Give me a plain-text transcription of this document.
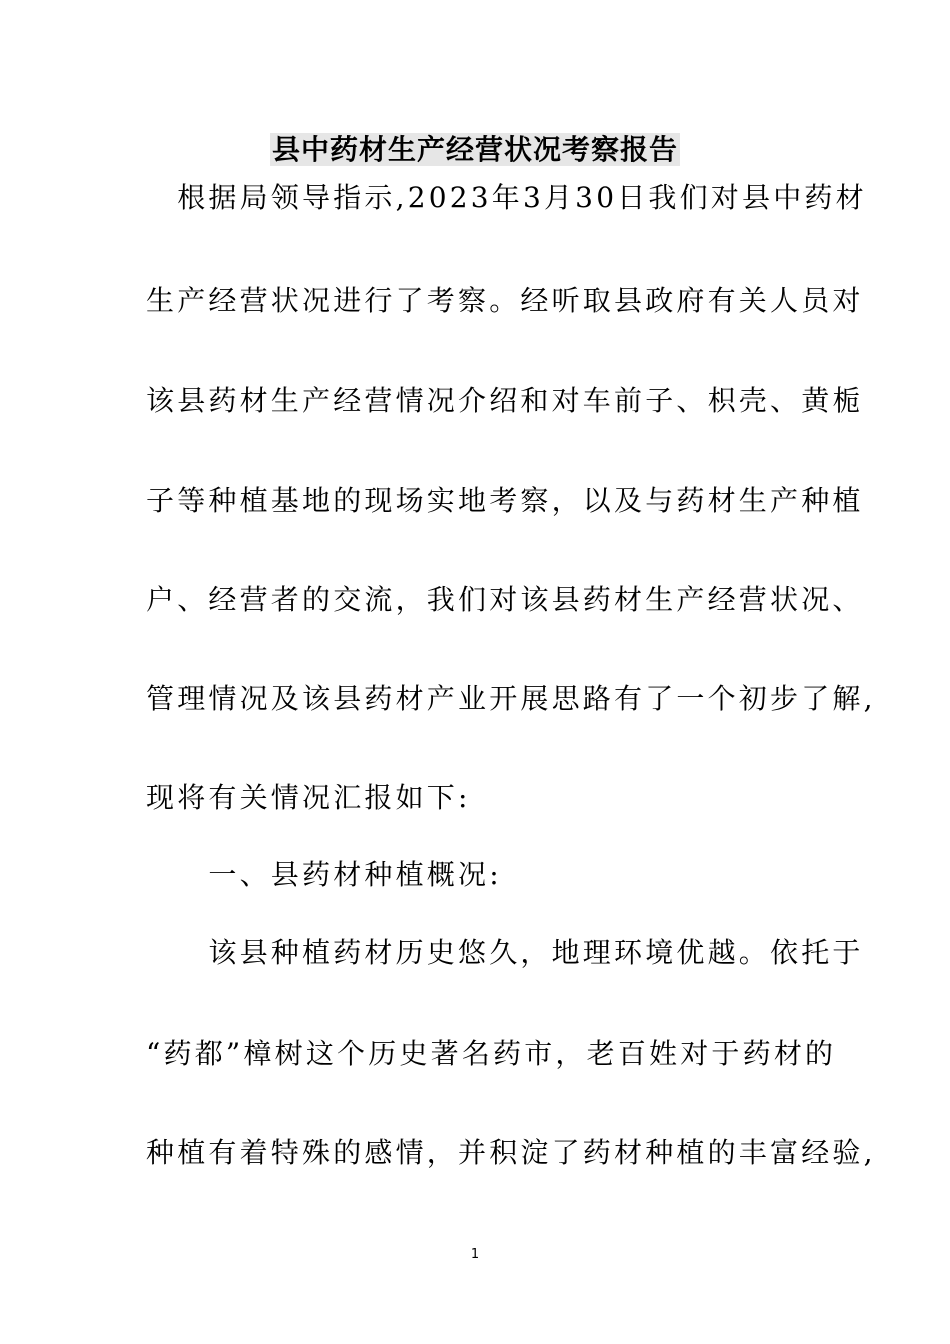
县中药材生产经营状况考察报告
　根据局领导指示,2023年3月30日我们对县中药材
生产经营状况进行了考察。经听取县政府有关人员对
该县药材生产经营情况介绍和对车前子、枳壳、黄栀
子等种植基地的现场实地考察，以及与药材生产种植
户、经营者的交流，我们对该县药材生产经营状况、
管理情况及该县药材产业开展思路有了一个初步了解,
现将有关情况汇报如下:
　　一、县药材种植概况:
　　该县种植药材历史悠久，地理环境优越。依托于
“药都”樟树这个历史著名药市，老百姓对于药材的
种植有着特殊的感情，并积淀了药材种植的丰富经验,
1
